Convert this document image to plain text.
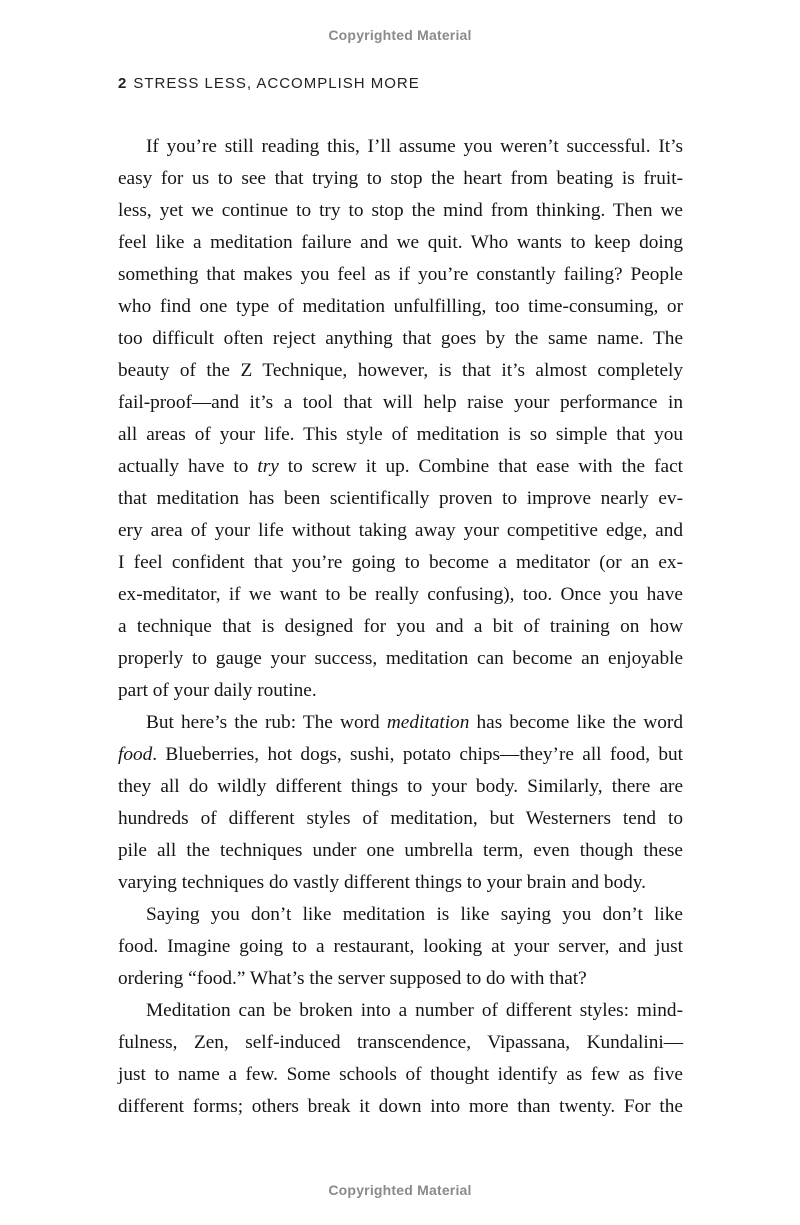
Copyrighted Material
2 STRESS LESS, ACCOMPLISH MORE
If you’re still reading this, I’ll assume you weren’t successful. It’s
easy for us to see that trying to stop the heart from beating is fruit-
less, yet we continue to try to stop the mind from thinking. Then we
feel like a meditation failure and we quit. Who wants to keep doing
something that makes you feel as if you’re constantly failing? People
who find one type of meditation unfulfilling, too time-consuming, or
too difficult often reject anything that goes by the same name. The
beauty of the Z Technique, however, is that it’s almost completely
fail-proof—and it’s a tool that will help raise your performance in
all areas of your life. This style of meditation is so simple that you
actually have to try to screw it up. Combine that ease with the fact
that meditation has been scientifically proven to improve nearly ev-
ery area of your life without taking away your competitive edge, and
I feel confident that you’re going to become a meditator (or an ex-
ex-meditator, if we want to be really confusing), too. Once you have
a technique that is designed for you and a bit of training on how
properly to gauge your success, meditation can become an enjoyable
part of your daily routine.
But here’s the rub: The word meditation has become like the word
food. Blueberries, hot dogs, sushi, potato chips—they’re all food, but
they all do wildly different things to your body. Similarly, there are
hundreds of different styles of meditation, but Westerners tend to
pile all the techniques under one umbrella term, even though these
varying techniques do vastly different things to your brain and body.
Saying you don’t like meditation is like saying you don’t like
food. Imagine going to a restaurant, looking at your server, and just
ordering “food.” What’s the server supposed to do with that?
Meditation can be broken into a number of different styles: mind-
fulness, Zen, self-induced transcendence, Vipassana, Kundalini—
just to name a few. Some schools of thought identify as few as five
different forms; others break it down into more than twenty. For the
Copyrighted Material
